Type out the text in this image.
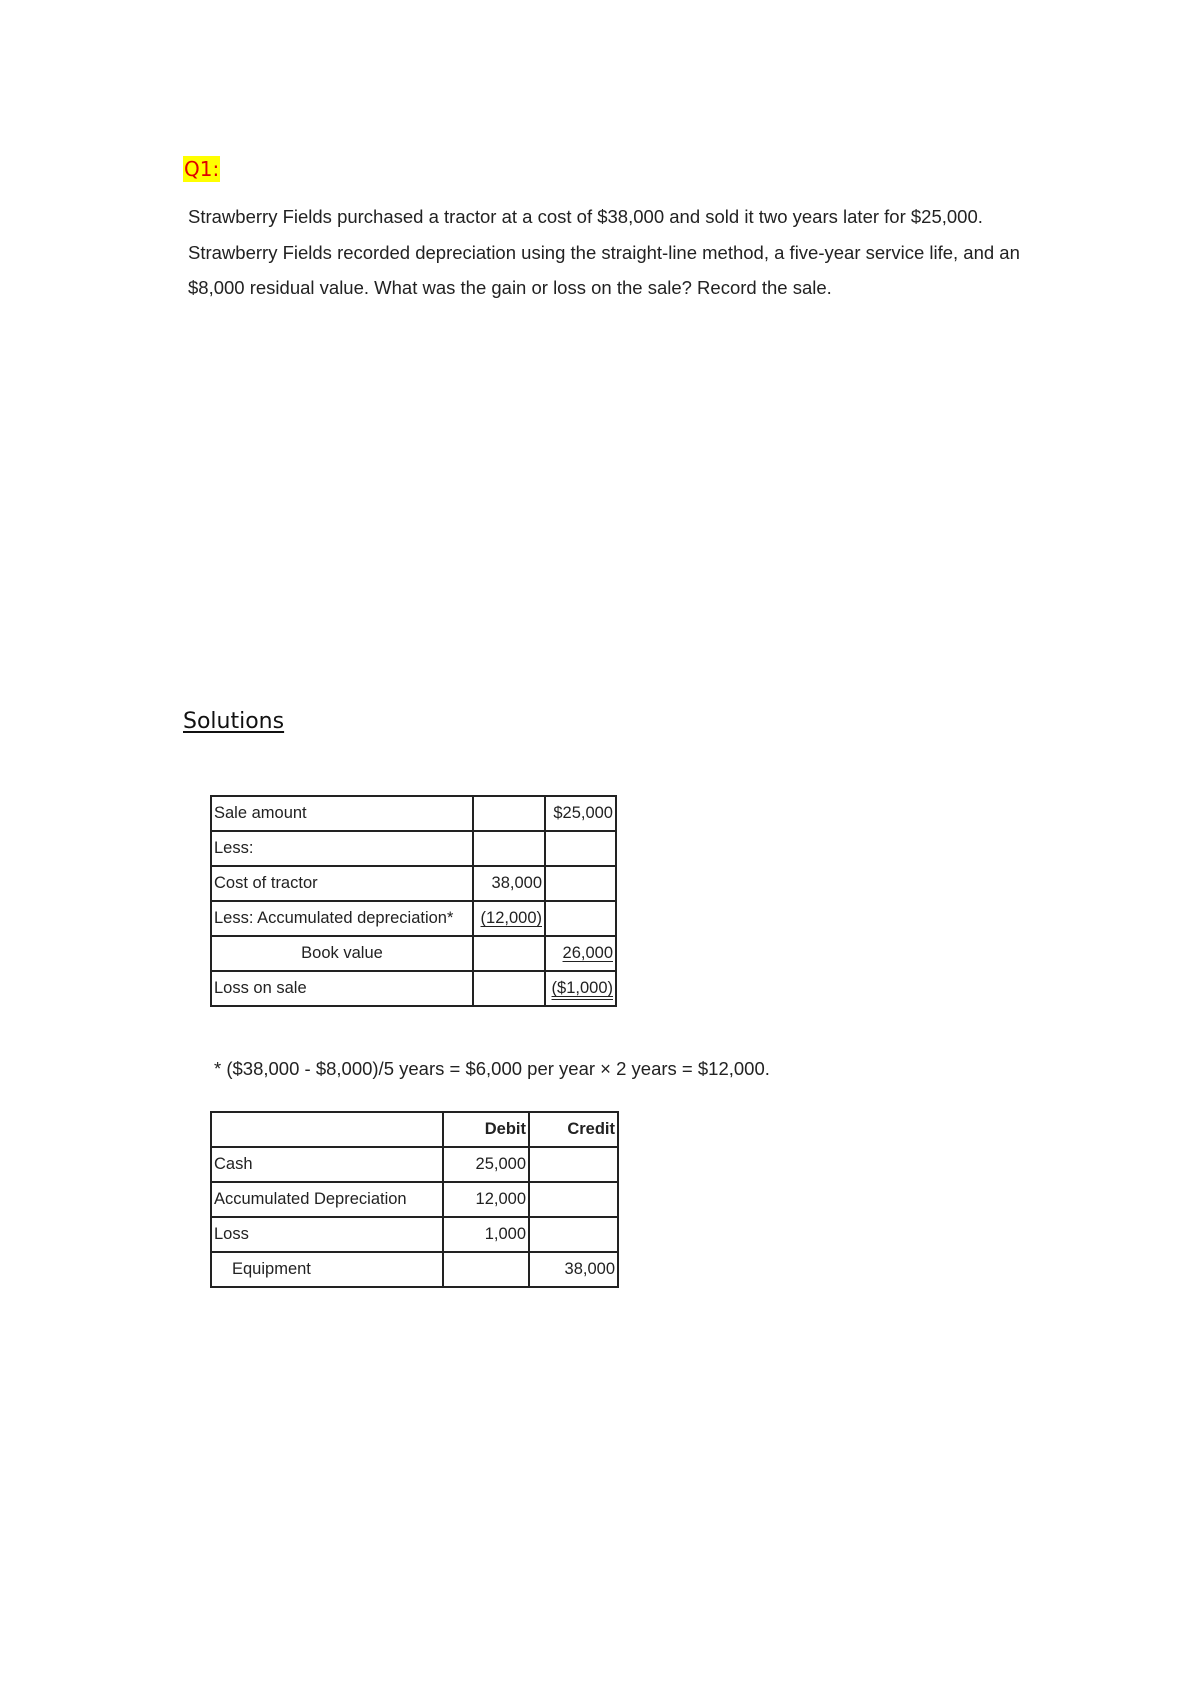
Q1:
Strawberry Fields purchased a tractor at a cost of $38,000 and sold it two years later for $25,000. Strawberry Fields recorded depreciation using the straight-line method, a five-year service life, and an $8,000 residual value. What was the gain or loss on the sale? Record the sale.
Solutions
Sale amount		$25,000
Less:		
Cost of tractor	38,000	
Less: Accumulated depreciation*	(12,000)	
Book value		26,000
Loss on sale		($1,000)
* ($38,000 - $8,000)/5 years = $6,000 per year × 2 years = $12,000.
	Debit	Credit
Cash	25,000	
Accumulated Depreciation	12,000	
Loss	1,000	
Equipment		38,000
